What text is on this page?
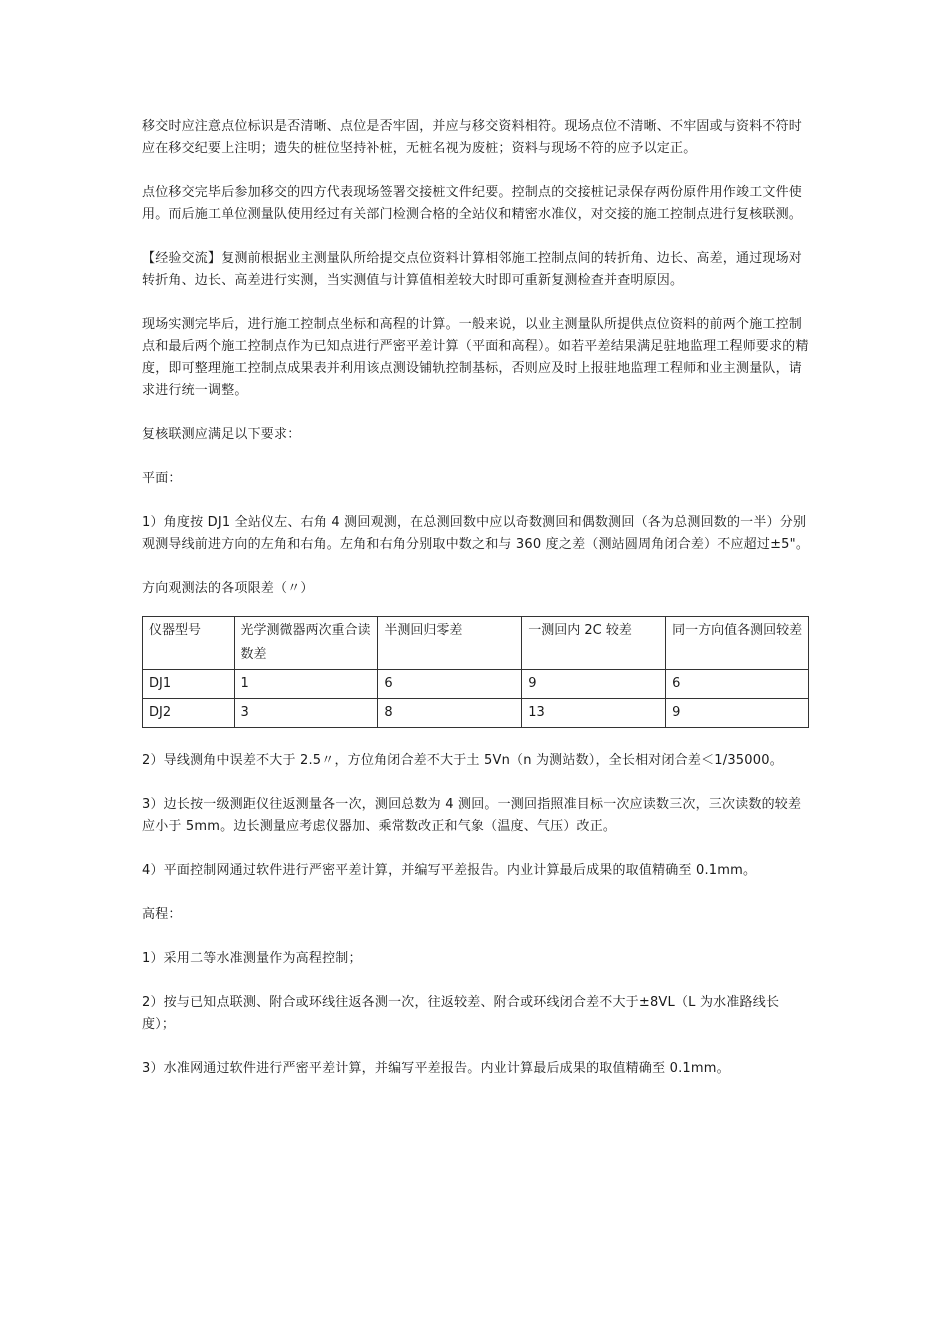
移交时应注意点位标识是否清晰、点位是否牢固，并应与移交资料相符。现场点位不清晰、不牢固或与资料不符时应在移交纪要上注明；遗失的桩位坚持补桩，无桩名视为废桩；资料与现场不符的应予以定正。

点位移交完毕后参加移交的四方代表现场签署交接桩文件纪要。控制点的交接桩记录保存两份原件用作竣工文件使用。而后施工单位测量队使用经过有关部门检测合格的全站仪和精密水准仪，对交接的施工控制点进行复核联测。

【经验交流】复测前根据业主测量队所给提交点位资料计算相邻施工控制点间的转折角、边长、高差，通过现场对转折角、边长、高差进行实测，当实测值与计算值相差较大时即可重新复测检查并查明原因。

现场实测完毕后，进行施工控制点坐标和高程的计算。一般来说，以业主测量队所提供点位资料的前两个施工控制点和最后两个施工控制点作为已知点进行严密平差计算（平面和高程）。如若平差结果满足驻地监理工程师要求的精度，即可整理施工控制点成果表并利用该点测设铺轨控制基标，否则应及时上报驻地监理工程师和业主测量队，请求进行统一调整。

复核联测应满足以下要求：

平面：

1）角度按 DJ1 全站仪左、右角 4 测回观测，在总测回数中应以奇数测回和偶数测回（各为总测回数的一半）分别观测导线前进方向的左角和右角。左角和右角分别取中数之和与 360 度之差（测站圆周角闭合差）不应超过±5"。

方向观测法的各项限差（〃）

仪器型号	光学测微器两次重合读数差	半测回归零差	一测回内 2C 较差	同一方向值各测回较差
DJ1	1	6	9	6
DJ2	3	8	13	9

2）导线测角中误差不大于 2.5〃，方位角闭合差不大于土 5Vn（n 为测站数），全长相对闭合差＜1/35000。

3）边长按一级测距仪往返测量各一次，测回总数为 4 测回。一测回指照准目标一次应读数三次，三次读数的较差应小于 5mm。边长测量应考虑仪器加、乘常数改正和气象（温度、气压）改正。

4）平面控制网通过软件进行严密平差计算，并编写平差报告。内业计算最后成果的取值精确至 0.1mm。

高程：

1）采用二等水准测量作为高程控制；

2）按与已知点联测、附合或环线往返各测一次，往返较差、附合或环线闭合差不大于±8VL（L 为水准路线长度）；

3）水准网通过软件进行严密平差计算，并编写平差报告。内业计算最后成果的取值精确至 0.1mm。
